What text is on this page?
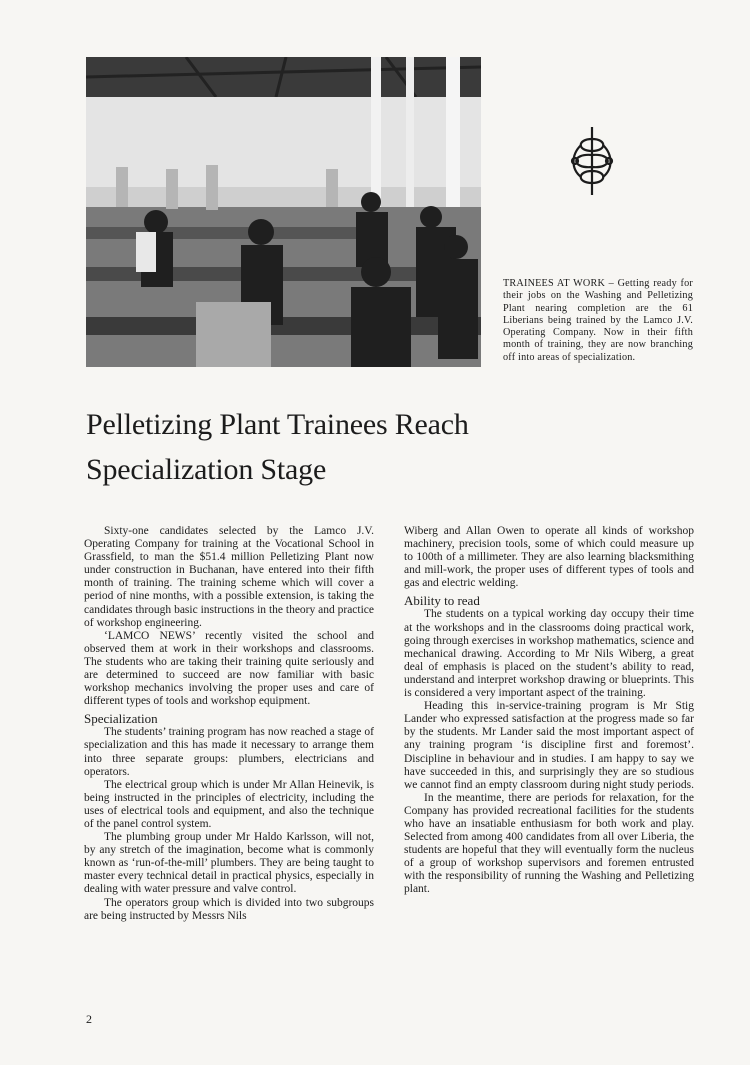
TRAINEES AT WORK – Getting ready for their jobs on the Washing and Pelletizing Plant nearing completion are the 61 Liberians being trained by the Lamco J.V. Operating Company. Now in their fifth month of training, they are now branching off into areas of specialization.
Pelletizing Plant Trainees Reach
Specialization Stage

Sixty-one candidates selected by the Lamco J.V. Operating Company for training at the Vocational School in Grassfield, to man the $51.4 million Pelletizing Plant now under construction in Buchanan, have entered into their fifth month of training. The training scheme which will cover a period of nine months, with a possible extension, is taking the candidates through basic instructions in the theory and practice of workshop engineering.

‘LAMCO NEWS’ recently visited the school and observed them at work in their workshops and classrooms. The students who are taking their training quite seriously and are determined to succeed are now familiar with basic workshop mechanics involving the proper uses and care of different types of tools and workshop equipment.

Specialization

The students’ training program has now reached a stage of specialization and this has made it necessary to arrange them into three separate groups: plumbers, electricians and operators.

The electrical group which is under Mr Allan Heinevik, is being instructed in the principles of electricity, including the uses of electrical tools and equipment, and also the technique of the panel control system.

The plumbing group under Mr Haldo Karlsson, will not, by any stretch of the imagination, become what is commonly known as ‘run-of-the-mill’ plumbers. They are being taught to master every technical detail in practical physics, especially in dealing with water pressure and valve control.

The operators group which is divided into two subgroups are being instructed by Messrs Nils

Wiberg and Allan Owen to operate all kinds of workshop machinery, precision tools, some of which could measure up to 100th of a millimeter. They are also learning blacksmithing and mill-work, the proper uses of different types of tools and gas and electric welding.

Ability to read

The students on a typical working day occupy their time at the workshops and in the classrooms doing practical work, going through exercises in workshop mathematics, science and mechanical drawing. According to Mr Nils Wiberg, a great deal of emphasis is placed on the student’s ability to read, understand and interpret workshop drawing or blueprints. This is considered a very important aspect of the training.

Heading this in-service-training program is Mr Stig Lander who expressed satisfaction at the progress made so far by the students. Mr Lander said the most important aspect of any training program ‘is discipline first and foremost’. Discipline in behaviour and in studies. I am happy to say we have succeeded in this, and surprisingly they are so studious we cannot find an empty classroom during night study periods.

In the meantime, there are periods for relaxation, for the Company has provided recreational facilities for the students who have an insatiable enthusiasm for both work and play. Selected from among 400 candidates from all over Liberia, the students are hopeful that they will eventually form the nucleus of a group of workshop supervisors and foremen entrusted with the responsibility of running the Washing and Pelletizing plant.

2
